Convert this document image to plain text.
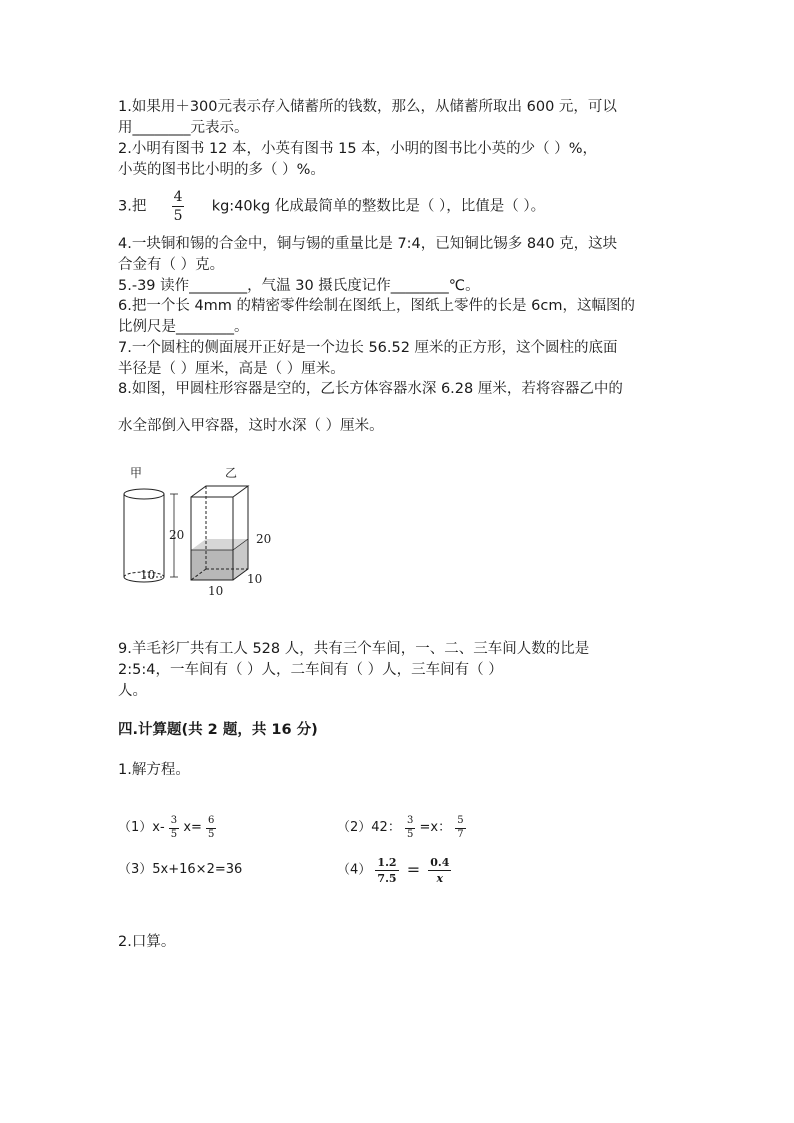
1.如果用＋300元表示存入储蓄所的钱数，那么，从储蓄所取出 600 元，可以
用________元表示。
2.小明有图书 12 本，小英有图书 15 本，小明的图书比小英的少（ ）%，
小英的图书比小明的多（ ）%。
3.把 $\frac{4}{5}$ kg:40kg 化成最简单的整数比是（ ），比值是（ ）。
4.一块铜和锡的合金中，铜与锡的重量比是 7:4，已知铜比锡多 840 克，这块
合金有（ ）克。
5.-39 读作________，气温 30 摄氏度记作________℃。
6.把一个长 4mm 的精密零件绘制在图纸上，图纸上零件的长是 6cm，这幅图的
比例尺是________。
7.一个圆柱的侧面展开正好是一个边长 56.52 厘米的正方形，这个圆柱的底面
半径是（ ）厘米，高是（ ）厘米。
8.如图，甲圆柱形容器是空的，乙长方体容器水深 6.28 厘米，若将容器乙中的
水全部倒入甲容器，这时水深（ ）厘米。
甲
20
10
乙
20
10
10
9.羊毛衫厂共有工人 528 人，共有三个车间，一、二、三车间人数的比是
2:5:4，一车间有（ ）人，二车间有（ ）人，三车间有（ ）
人。
四.计算题(共 2 题，共 16 分)
1.解方程。
$(1)x- \frac{3}{5} x= \frac{6}{5}$	（2）42： $\frac{3}{5} =x$： $\frac{5}{7}$
（3）5x+16×2=36	$(4) \frac{1.2}{7.5} = \frac{0.4}{x}$
2.口算。
